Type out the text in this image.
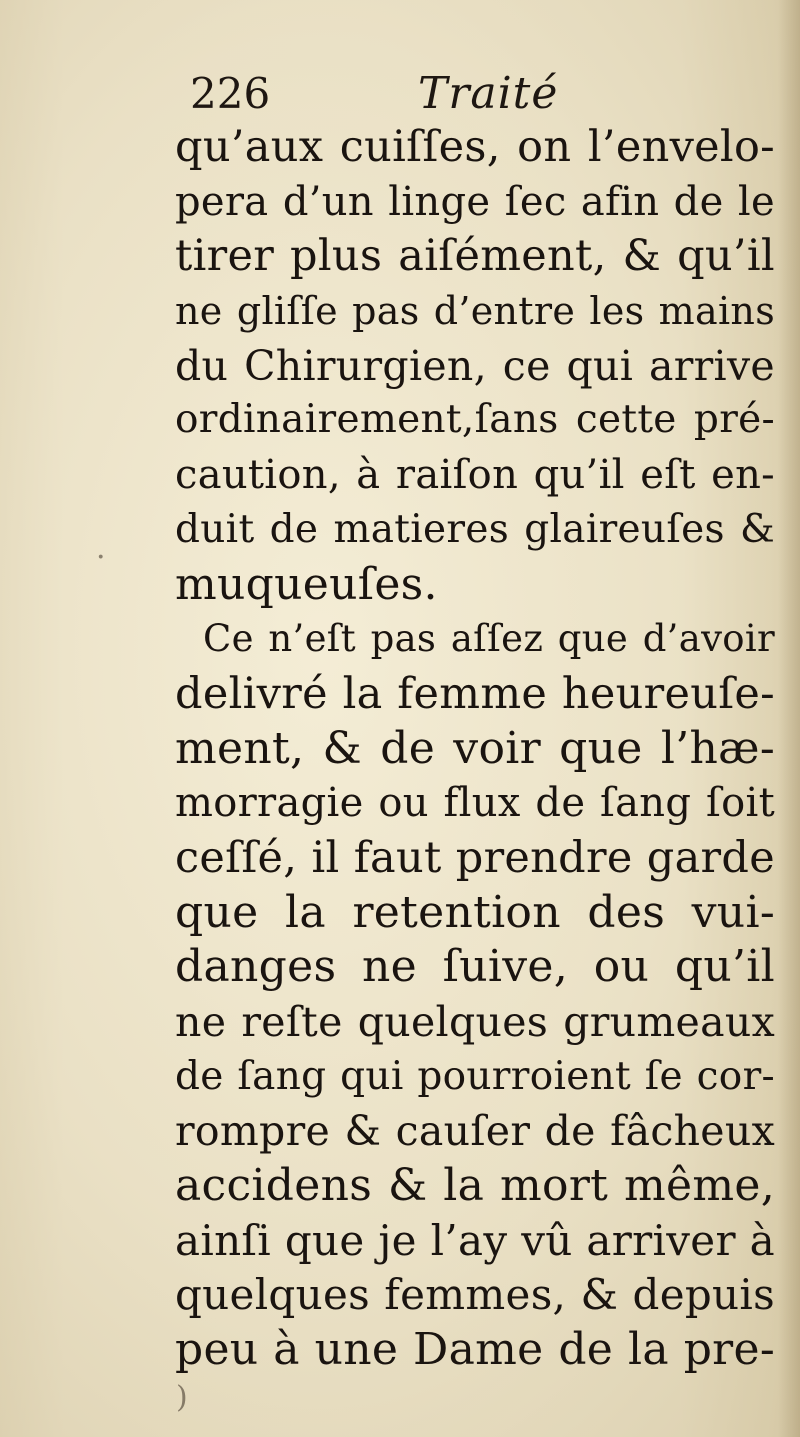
226	Traité
qu’aux cuiſſes, on l’envelo-
pera d’un linge ſec afin de le
tirer plus aiſément, & qu’il
ne gliſſe pas d’entre les mains
du Chirurgien, ce qui arrive
ordinairement,ſans cette pré-
caution, à raiſon qu’il eſt en-
duit de matieres glaireuſes &
muqueuſes.
Ce n’eſt pas aſſez que d’avoir
delivré la femme heureuſe-
ment, & de voir que l’hæ-
morragie ou flux de ſang ſoit
ceſſé, il faut prendre garde
que la retention des vui-
danges ne ſuive, ou qu’il
ne reſte quelques grumeaux
de ſang qui pourroient ſe cor-
rompre & cauſer de fâcheux
accidens & la mort même,
ainſi que je l’ay vû arriver à
quelques femmes, & depuis
peu à une Dame de la pre-
·
)
